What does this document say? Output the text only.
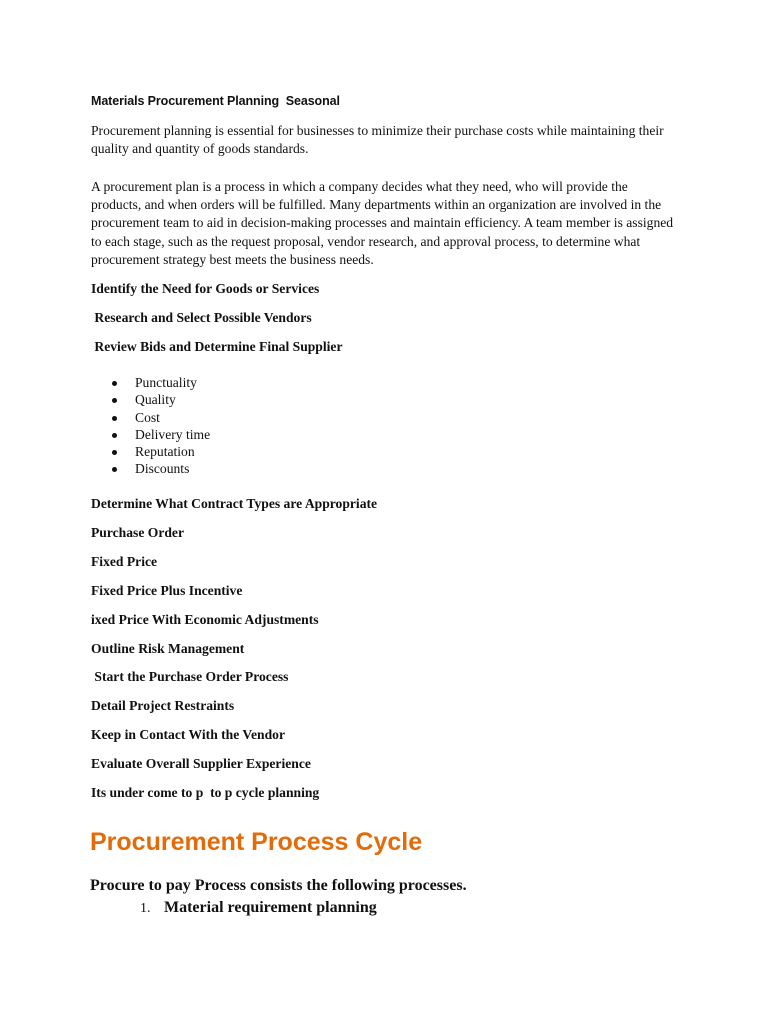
Materials Procurement Planning  Seasonal

Procurement planning is essential for businesses to minimize their purchase costs while maintaining their quality and quantity of goods standards.

A procurement plan is a process in which a company decides what they need, who will provide the products, and when orders will be fulfilled. Many departments within an organization are involved in the procurement team to aid in decision-making processes and maintain efficiency. A team member is assigned to each stage, such as the request proposal, vendor research, and approval process, to determine what procurement strategy best meets the business needs.

Identify the Need for Goods or Services
Research and Select Possible Vendors
Review Bids and Determine Final Supplier
Punctuality
Quality
Cost
Delivery time
Reputation
Discounts
Determine What Contract Types are Appropriate
Purchase Order
Fixed Price
Fixed Price Plus Incentive
ixed Price With Economic Adjustments
Outline Risk Management
Start the Purchase Order Process
Detail Project Restraints
Keep in Contact With the Vendor
Evaluate Overall Supplier Experience
Its under come to p  to p cycle planning
Procurement Process Cycle
Procure to pay Process consists the following processes.
1. Material requirement planning
